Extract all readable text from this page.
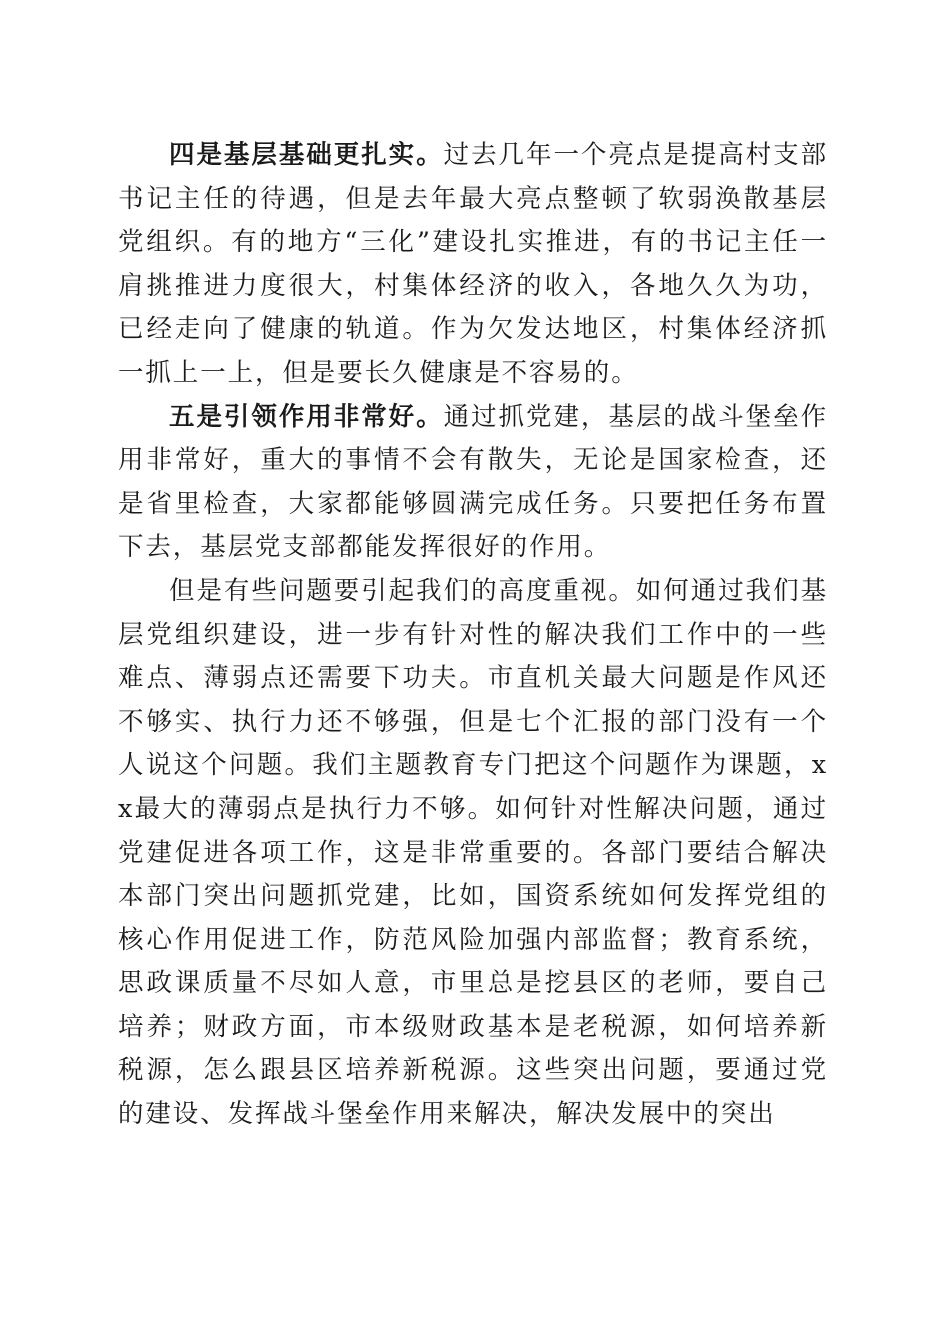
四是基层基础更扎实。过去几年一个亮点是提高村支部书记主任的待遇，但是去年最大亮点整顿了软弱涣散基层党组织。有的地方“三化”建设扎实推进，有的书记主任一肩挑推进力度很大，村集体经济的收入，各地久久为功，已经走向了健康的轨道。作为欠发达地区，村集体经济抓一抓上一上，但是要长久健康是不容易的。

五是引领作用非常好。通过抓党建，基层的战斗堡垒作用非常好，重大的事情不会有散失，无论是国家检查，还是省里检查，大家都能够圆满完成任务。只要把任务布置下去，基层党支部都能发挥很好的作用。

但是有些问题要引起我们的高度重视。如何通过我们基层党组织建设，进一步有针对性的解决我们工作中的一些难点、薄弱点还需要下功夫。市直机关最大问题是作风还不够实、执行力还不够强，但是七个汇报的部门没有一个人说这个问题。我们主题教育专门把这个问题作为课题，xx最大的薄弱点是执行力不够。如何针对性解决问题，通过党建促进各项工作，这是非常重要的。各部门要结合解决本部门突出问题抓党建，比如，国资系统如何发挥党组的核心作用促进工作，防范风险加强内部监督；教育系统，思政课质量不尽如人意，市里总是挖县区的老师，要自己培养；财政方面，市本级财政基本是老税源，如何培养新税源，怎么跟县区培养新税源。这些突出问题，要通过党的建设、发挥战斗堡垒作用来解决，解决发展中的突出
